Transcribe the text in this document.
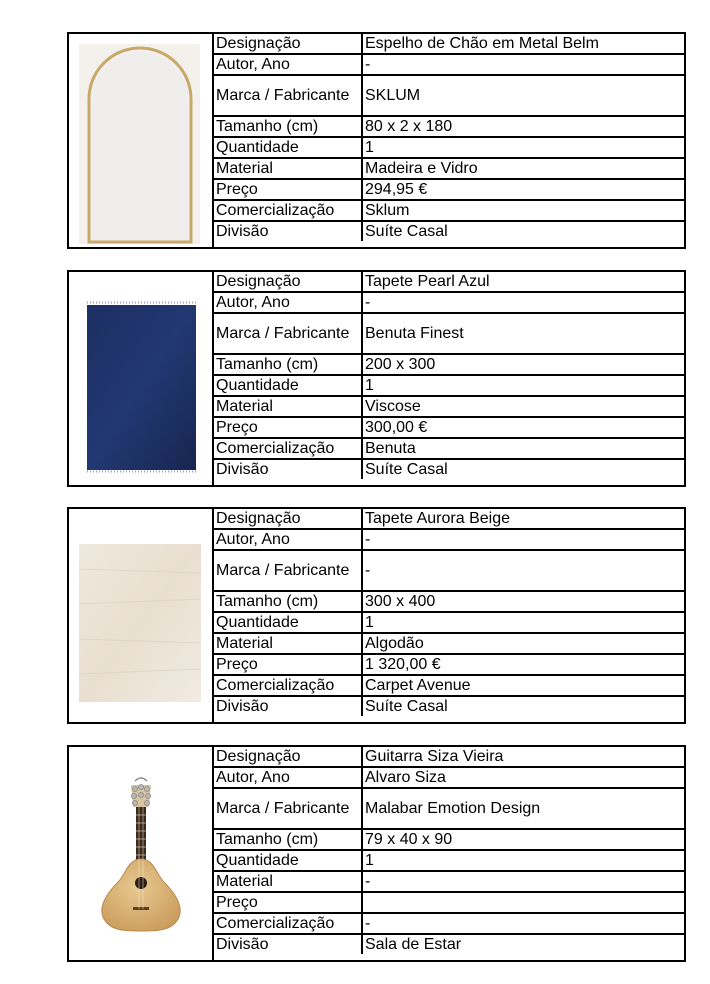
Designação	Espelho de Chão em Metal Belm
Autor, Ano	-
Marca / Fabricante	SKLUM
Tamanho (cm)	80 x 2 x 180
Quantidade	1
Material	Madeira e Vidro
Preço	294,95 €
Comercialização	Sklum
Divisão	Suíte Casal
Designação	Tapete Pearl Azul
Autor, Ano	-
Marca / Fabricante	Benuta Finest
Tamanho (cm)	200 x 300
Quantidade	1
Material	Viscose
Preço	300,00 €
Comercialização	Benuta
Divisão	Suíte Casal
Designação	Tapete Aurora Beige
Autor, Ano	-
Marca / Fabricante	-
Tamanho (cm)	300 x 400
Quantidade	1
Material	Algodão
Preço	1 320,00 €
Comercialização	Carpet Avenue
Divisão	Suíte Casal
Designação	Guitarra Siza Vieira
Autor, Ano	Alvaro Siza
Marca / Fabricante	Malabar Emotion Design
Tamanho (cm)	79 x 40 x 90
Quantidade	1
Material	-
Preço	
Comercialização	-
Divisão	Sala de Estar
